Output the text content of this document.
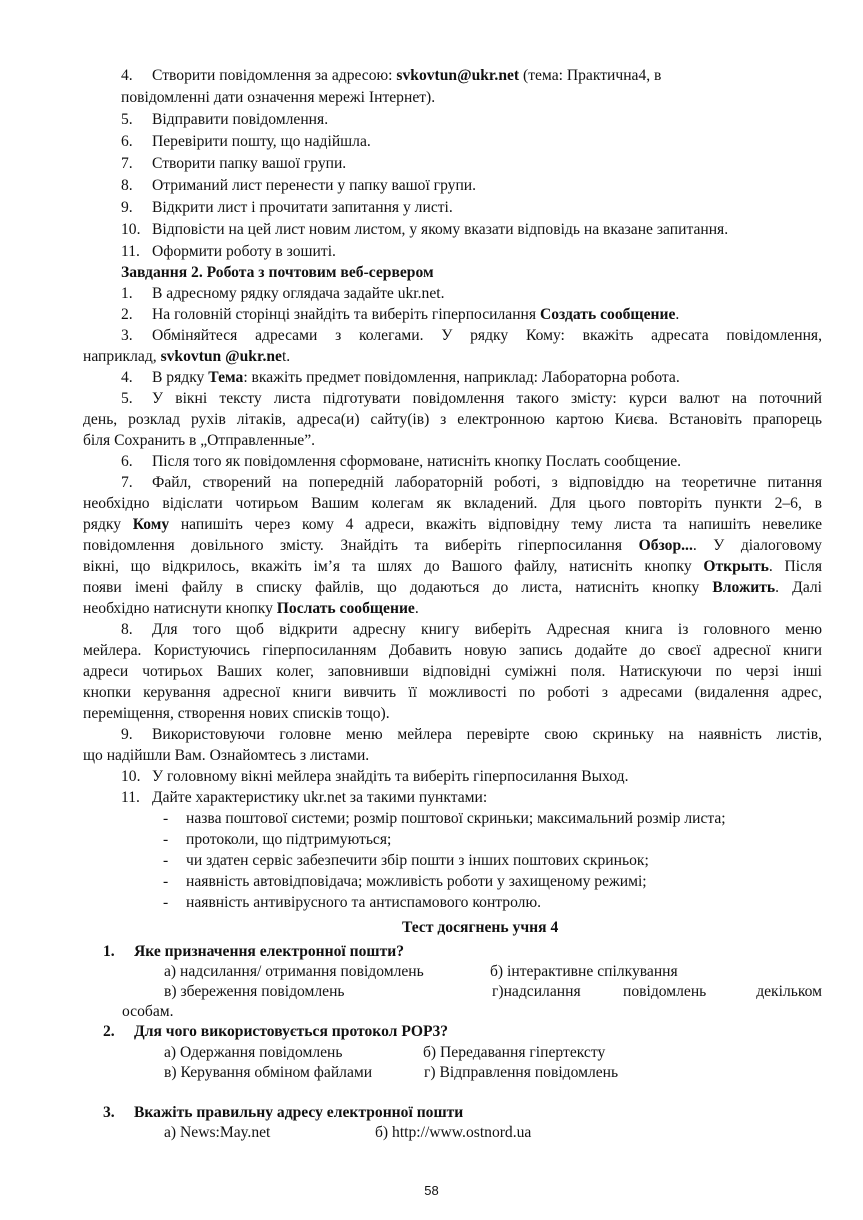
4. Створити повідомлення за адресою: svkovtun@ukr.net (тема: Практична4, в
повідомленні дати означення мережі Інтернет).
5. Відправити повідомлення.
6. Перевірити пошту, що надійшла.
7. Створити папку вашої групи.
8. Отриманий лист перенести у папку вашої групи.
9. Відкрити лист і прочитати запитання у листі.
10. Відповісти на цей лист новим листом, у якому вказати відповідь на вказане запитання.
11. Оформити роботу в зошиті.
Завдання 2. Робота з почтовим веб-сервером
1. В адресному рядку оглядача задайте ukr.net.
2. На головній сторінці знайдіть та виберіть гіперпосилання Создать сообщение.
3. Обміняйтеся адресами з колегами. У рядку Кому: вкажіть адресата повідомлення,
наприклад, svkovtun @ukr.net.
4. В рядку Тема: вкажіть предмет повідомлення, наприклад: Лабораторна робота.
5. У вікні тексту листа підготувати повідомлення такого змісту: курси валют на поточний
день, розклад рухів літаків, адреса(и) сайту(ів) з електронною картою Києва. Встановіть прапорець
біля Сохранить в „Отправленные”.
6. Після того як повідомлення сформоване, натисніть кнопку Послать сообщение.
7. Файл, створений на попередній лабораторній роботі, з відповіддю на теоретичне питання
необхідно відіслати чотирьом Вашим колегам як вкладений. Для цього повторіть пункти 2–6, в
рядку Кому напишіть через кому 4 адреси, вкажіть відповідну тему листа та напишіть невелике
повідомлення довільного змісту. Знайдіть та виберіть гіперпосилання Обзор.... У діалоговому
вікні, що відкрилось, вкажіть ім’я та шлях до Вашого файлу, натисніть кнопку Открыть. Після
появи імені файлу в списку файлів, що додаються до листа, натисніть кнопку Вложить. Далі
необхідно натиснути кнопку Послать сообщение.
8. Для того щоб відкрити адресну книгу виберіть Адресная книга із головного меню
мейлера. Користуючись гіперпосиланням Добавить новую запись додайте до своєї адресної книги
адреси чотирьох Ваших колег, заповнивши відповідні суміжні поля. Натискуючи по черзі інші
кнопки керування адресної книги вивчить її можливості по роботі з адресами (видалення адрес,
переміщення, створення нових списків тощо).
9. Використовуючи головне меню мейлера перевірте свою скриньку на наявність листів,
що надійшли Вам. Ознайомтесь з листами.
10. У головному вікні мейлера знайдіть та виберіть гіперпосилання Выход.
11. Дайте характеристику ukr.net за такими пунктами:
- назва поштової системи; розмір поштової скриньки; максимальний розмір листа;
- протоколи, що підтримуються;
- чи здатен сервіс забезпечити збір пошти з інших поштових скриньок;
- наявність автовідповідача; можливість роботи у захищеному режимі;
- наявність антивірусного та антиспамового контролю.
Тест досягнень учня 4
1. Яке призначення електронної пошти?
а) надсилання/ отримання повідомлень	б) інтерактивне спілкування
в) збереження повідомлень	г)надсилання	повідомлень	декільком
особам.
2. Для чого використовується протокол POP3?
а) Одержання повідомлень	б) Передавання гіпертексту
в) Керування обміном файлами	г) Відправлення повідомлень
3. Вкажіть правильну адресу електронної пошти
а) News:May.net	б) http://www.ostnord.ua
58
